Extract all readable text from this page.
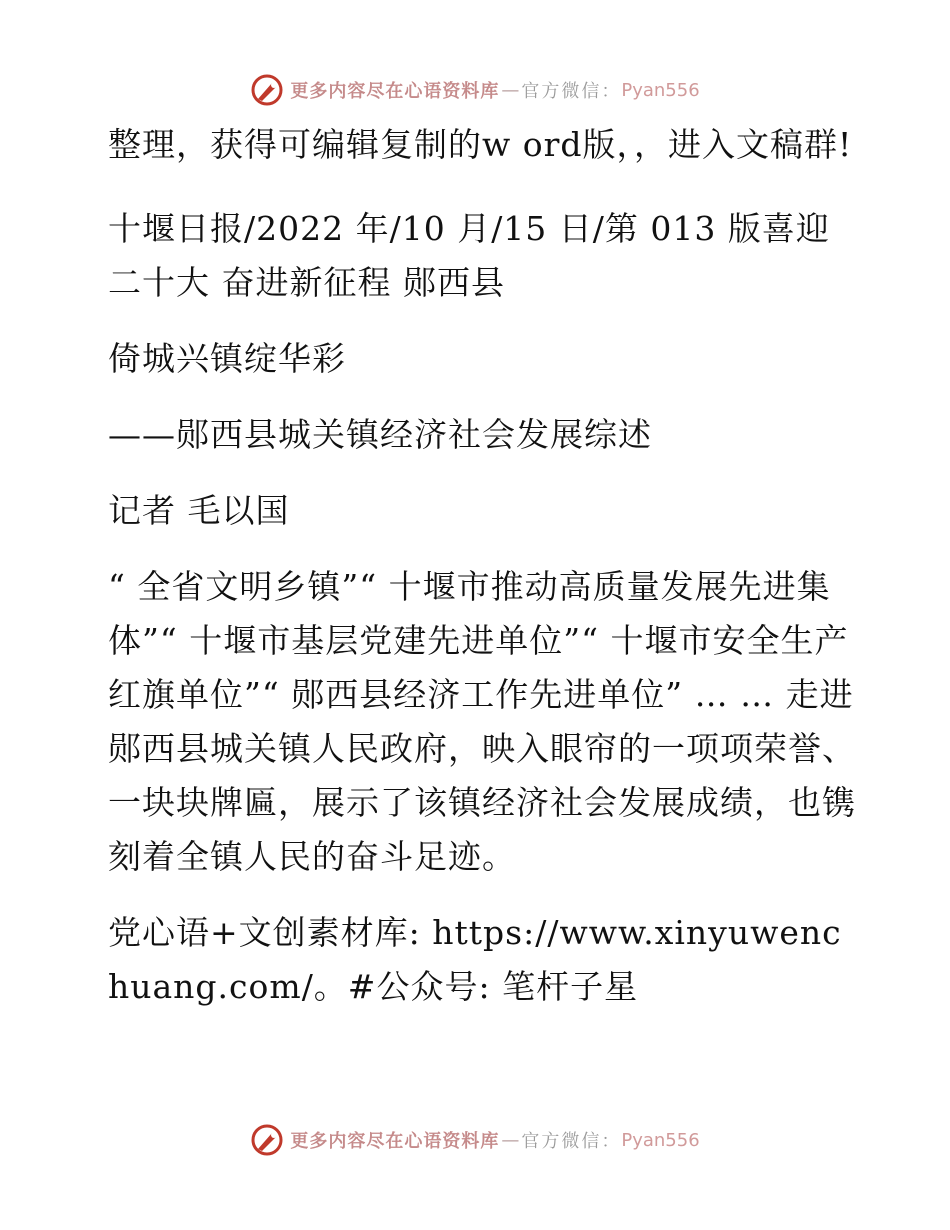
更多内容尽在心语资料库 — 官方微信： Pyan556

整理，获得可编辑复制的w ord版，，进入文稿群!

十堰日报/2022 年/10 月/15 日/第 013 版喜迎二十大 奋进新征程 郧西县

倚城兴镇绽华彩

——郧西县城关镇经济社会发展综述

记者 毛以国

“ 全省文明乡镇”“ 十堰市推动高质量发展先进集体”“ 十堰市基层党建先进单位”“ 十堰市安全生产红旗单位”“ 郧西县经济工作先进单位” … … 走进郧西县城关镇人民政府，映入眼帘的一项项荣誉、一块块牌匾，展示了该镇经济社会发展成绩，也镌刻着全镇人民的奋斗足迹。

党心语+文创素材库: https://www.xinyuwenchuang.com/。#公众号: 笔杆子星

更多内容尽在心语资料库 — 官方微信： Pyan556
